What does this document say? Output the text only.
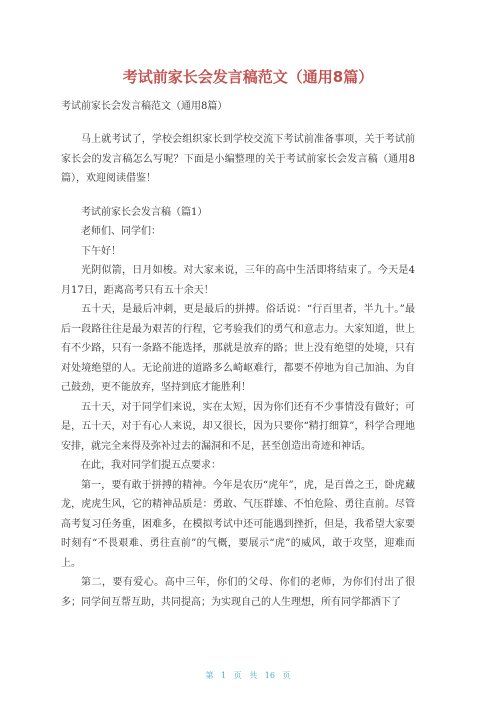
考试前家长会发言稿范文（通用8篇）
考试前家长会发言稿范文（通用8篇）

马上就考试了，学校会组织家长到学校交流下考试前准备事项，关于考试前家长会的发言稿怎么写呢？下面是小编整理的关于考试前家长会发言稿（通用8篇），欢迎阅读借鉴！

考试前家长会发言稿（篇1）

老师们、同学们：

下午好！

光阴似箭，日月如梭。对大家来说，三年的高中生活即将结束了。今天是4月17日，距离高考只有五十余天！

五十天，是最后冲刺，更是最后的拼搏。俗话说：“行百里者，半九十。”最后一段路往往是最为艰苦的行程，它考验我们的勇气和意志力。大家知道，世上有不少路，只有一条路不能选择，那就是放弃的路；世上没有绝望的处境，只有对处境绝望的人。无论前进的道路多么崎岖难行，都要不停地为自己加油、为自己鼓劲，更不能放弃，坚持到底才能胜利！

五十天，对于同学们来说，实在太短，因为你们还有不少事情没有做好；可是，五十天，对于有心人来说，却又很长，因为只要你“精打细算”，科学合理地安排，就完全来得及弥补过去的漏洞和不足，甚至创造出奇迹和神话。

在此，我对同学们提五点要求：

第一，要有敢于拼搏的精神。今年是农历“虎年”，虎，是百兽之王，卧虎藏龙，虎虎生风，它的精神品质是：勇敢、气压群雄、不怕危险、勇往直前。尽管高考复习任务重，困难多，在模拟考试中还可能遇到挫折，但是，我希望大家要时刻有“不畏艰难、勇往直前”的气概，要展示“虎”的威风，敢于攻坚，迎难而上。

第二，要有爱心。高中三年，你们的父母、你们的老师，为你们付出了很多；同学间互帮互助，共同提高；为实现自己的人生理想，所有同学都洒下了

第 1 页 共 16 页
